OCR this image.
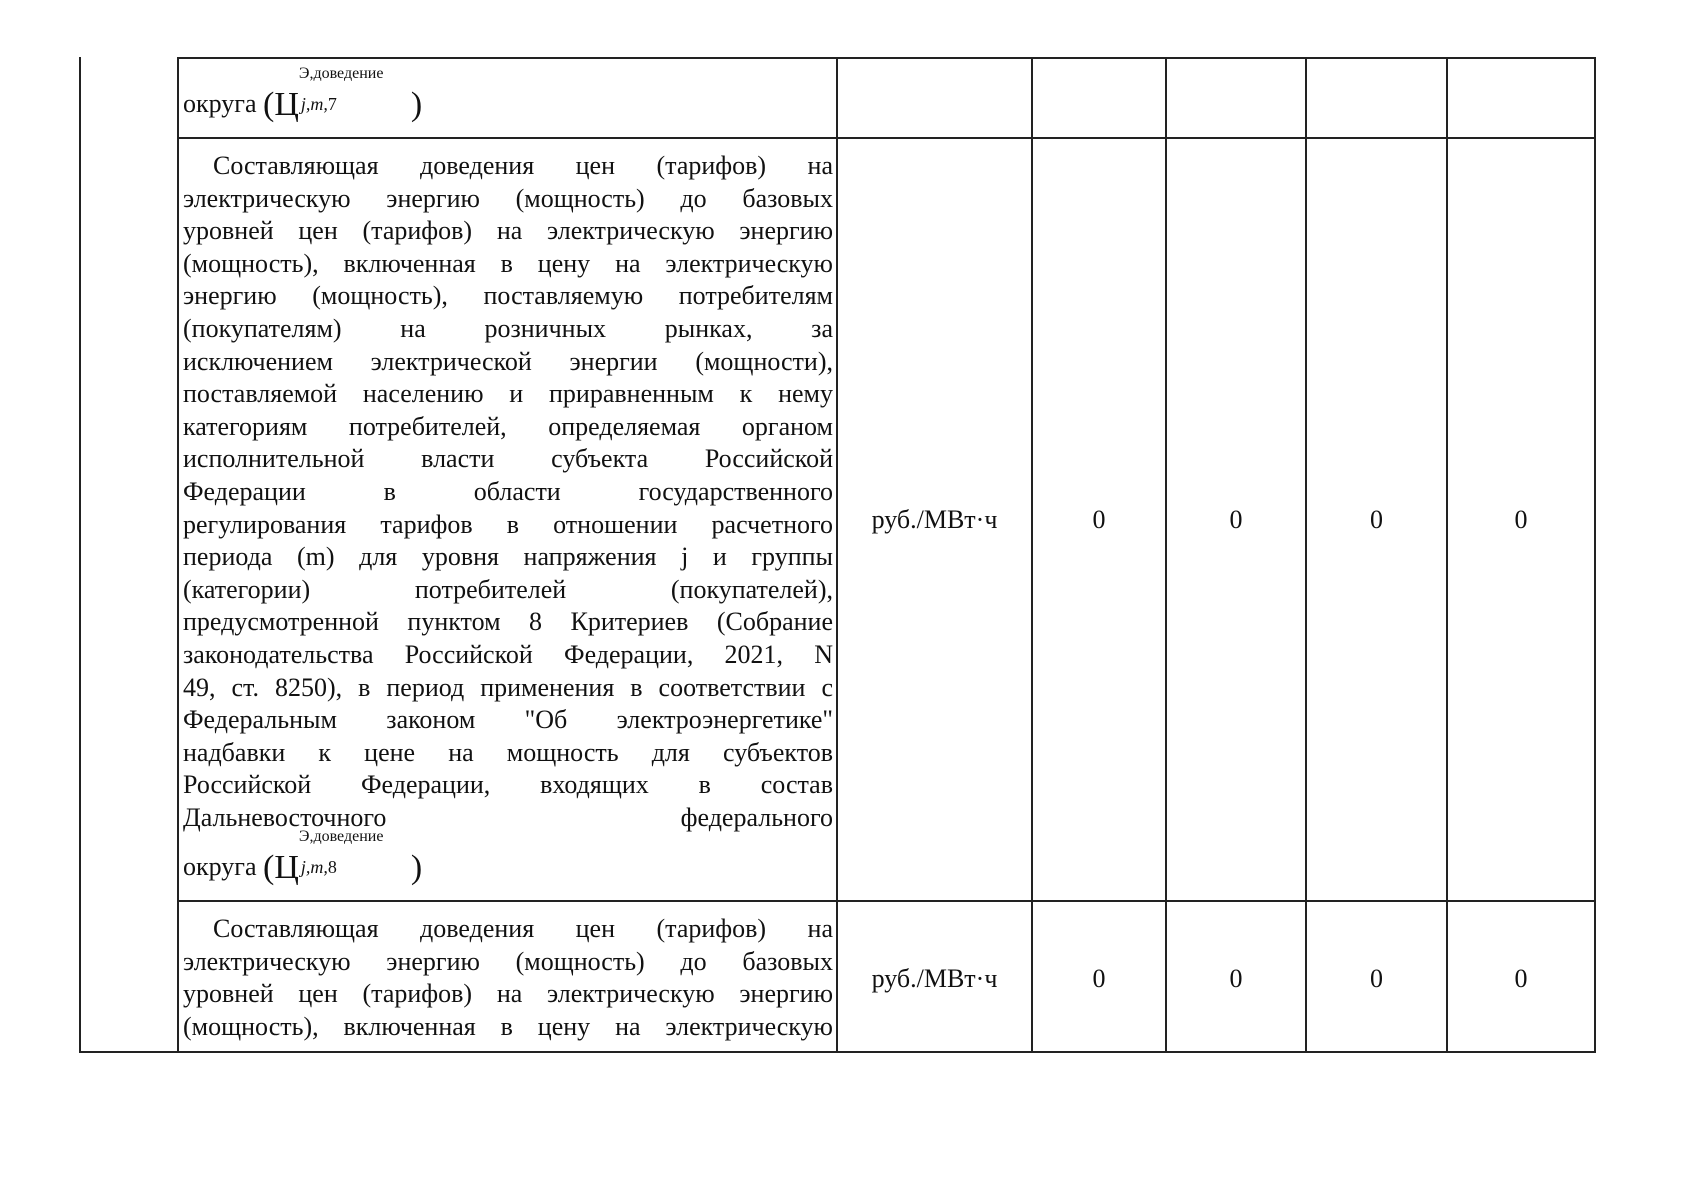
округа (Ц
Э,доведение
j,m,7 )
Составляющая доведения цен (тарифов) на
электрическую энергию (мощность) до базовых
уровней цен (тарифов) на электрическую энергию
(мощность), включенная в цену на электрическую
энергию (мощность), поставляемую потребителям
(покупателям) на розничных рынках, за
исключением электрической энергии (мощности),
поставляемой населению и приравненным к нему
категориям потребителей, определяемая органом
исполнительной власти субъекта Российской
Федерации в области государственного
регулирования тарифов в отношении расчетного
периода (m) для уровня напряжения j и группы
(категории) потребителей (покупателей),
предусмотренной пунктом 8 Критериев (Собрание
законодательства Российской Федерации, 2021, N
49, ст. 8250), в период применения в соответствии с
Федеральным законом "Об электроэнергетике"
надбавки к цене на мощность для субъектов
Российской Федерации, входящих в состав
Дальневосточного федерального
округа (Ц
Э,доведение
j,m,8 )
руб./МВт·ч	0	0	0	0
Составляющая доведения цен (тарифов) на
электрическую энергию (мощность) до базовых
уровней цен (тарифов) на электрическую энергию
(мощность), включенная в цену на электрическую
руб./МВт·ч	0	0	0	0
